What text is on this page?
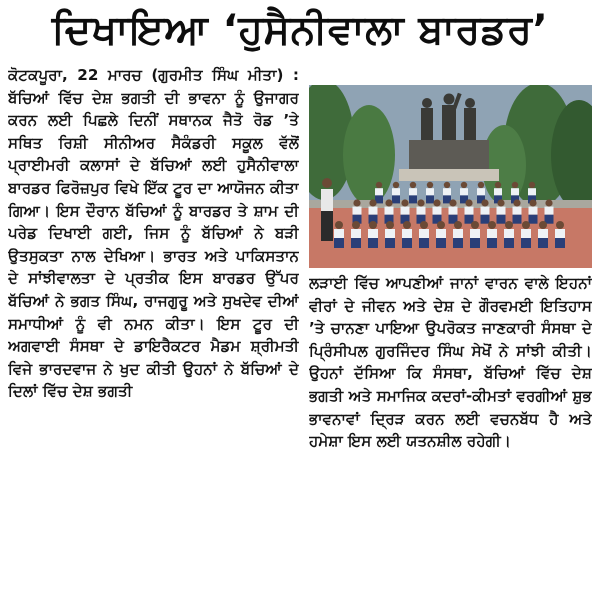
ਦਿਖਾਇਆ ‘ਹੁਸੈਨੀਵਾਲਾ ਬਾਰਡਰ’

ਕੋਟਕਪੂਰਾ, 22 ਮਾਰਚ (ਗੁਰਮੀਤ ਸਿੰਘ ਮੀਤਾ) : ਬੱਚਿਆਂ ਵਿੱਚ ਦੇਸ਼ ਭਗਤੀ ਦੀ ਭਾਵਨਾ ਨੂੰ ਉਜਾਗਰ ਕਰਨ ਲਈ ਪਿਛਲੇ ਦਿਨੀਂ ਸਥਾਨਕ ਜੈਤੋ ਰੋਡ ’ਤੇ ਸਥਿਤ ਰਿਸ਼ੀ ਸੀਨੀਅਰ ਸੈਕੰਡਰੀ ਸਕੂਲ ਵੱਲੋਂ ਪ੍ਰਾਈਮਰੀ ਕਲਾਸਾਂ ਦੇ ਬੱਚਿਆਂ ਲਈ ਹੁਸੈਨੀਵਾਲਾ ਬਾਰਡਰ ਫਿਰੋਜ਼ਪੁਰ ਵਿਖੇ ਇੱਕ ਟੂਰ ਦਾ ਆਯੋਜਨ ਕੀਤਾ ਗਿਆ। ਇਸ ਦੌਰਾਨ ਬੱਚਿਆਂ ਨੂੰ ਬਾਰਡਰ ਤੇ ਸ਼ਾਮ ਦੀ ਪਰੇਡ ਦਿਖਾਈ ਗਈ, ਜਿਸ ਨੂੰ ਬੱਚਿਆਂ ਨੇ ਬੜੀ ਉਤਸੁਕਤਾ ਨਾਲ ਦੇਖਿਆ। ਭਾਰਤ ਅਤੇ ਪਾਕਿਸਤਾਨ ਦੇ ਸਾਂਝੀਵਾਲਤਾ ਦੇ ਪ੍ਰਤੀਕ ਇਸ ਬਾਰਡਰ ਉੱਪਰ ਬੱਚਿਆਂ ਨੇ ਭਗਤ ਸਿੰਘ, ਰਾਜਗੁਰੂ ਅਤੇ ਸੁਖਦੇਵ ਦੀਆਂ ਸਮਾਧੀਆਂ ਨੂੰ ਵੀ ਨਮਨ ਕੀਤਾ। ਇਸ ਟੂਰ ਦੀ ਅਗਵਾਈ ਸੰਸਥਾ ਦੇ ਡਾਇਰੈਕਟਰ ਮੈਡਮ ਸ਼੍ਰੀਮਤੀ ਵਿਜੇ ਭਾਰਦਵਾਜ ਨੇ ਖੁਦ ਕੀਤੀ ਉਹਨਾਂ ਨੇ ਬੱਚਿਆਂ ਦੇ ਦਿਲਾਂ ਵਿੱਚ ਦੇਸ਼ ਭਗਤੀ

ਲੜਾਈ ਵਿੱਚ ਆਪਣੀਆਂ ਜਾਨਾਂ ਵਾਰਨ ਵਾਲੇ ਇਹਨਾਂ ਵੀਰਾਂ ਦੇ ਜੀਵਨ ਅਤੇ ਦੇਸ਼ ਦੇ ਗੌਰਵਮਈ ਇਤਿਹਾਸ ’ਤੇ ਚਾਨਣਾ ਪਾਇਆ ਉਪਰੋਕਤ ਜਾਣਕਾਰੀ ਸੰਸਥਾ ਦੇ ਪ੍ਰਿੰਸੀਪਲ ਗੁਰਜਿੰਦਰ ਸਿੰਘ ਸੇਖੋਂ ਨੇ ਸਾਂਝੀ ਕੀਤੀ। ਉਹਨਾਂ ਦੱਸਿਆ ਕਿ ਸੰਸਥਾ, ਬੱਚਿਆਂ ਵਿੱਚ ਦੇਸ਼ ਭਗਤੀ ਅਤੇ ਸਮਾਜਿਕ ਕਦਰਾਂ-ਕੀਮਤਾਂ ਵਰਗੀਆਂ ਸ਼ੁਭ ਭਾਵਨਾਵਾਂ ਦ੍ਰਿੜ ਕਰਨ ਲਈ ਵਚਨਬੱਧ ਹੈ ਅਤੇ ਹਮੇਸ਼ਾ ਇਸ ਲਈ ਯਤਨਸ਼ੀਲ ਰਹੇਗੀ।
